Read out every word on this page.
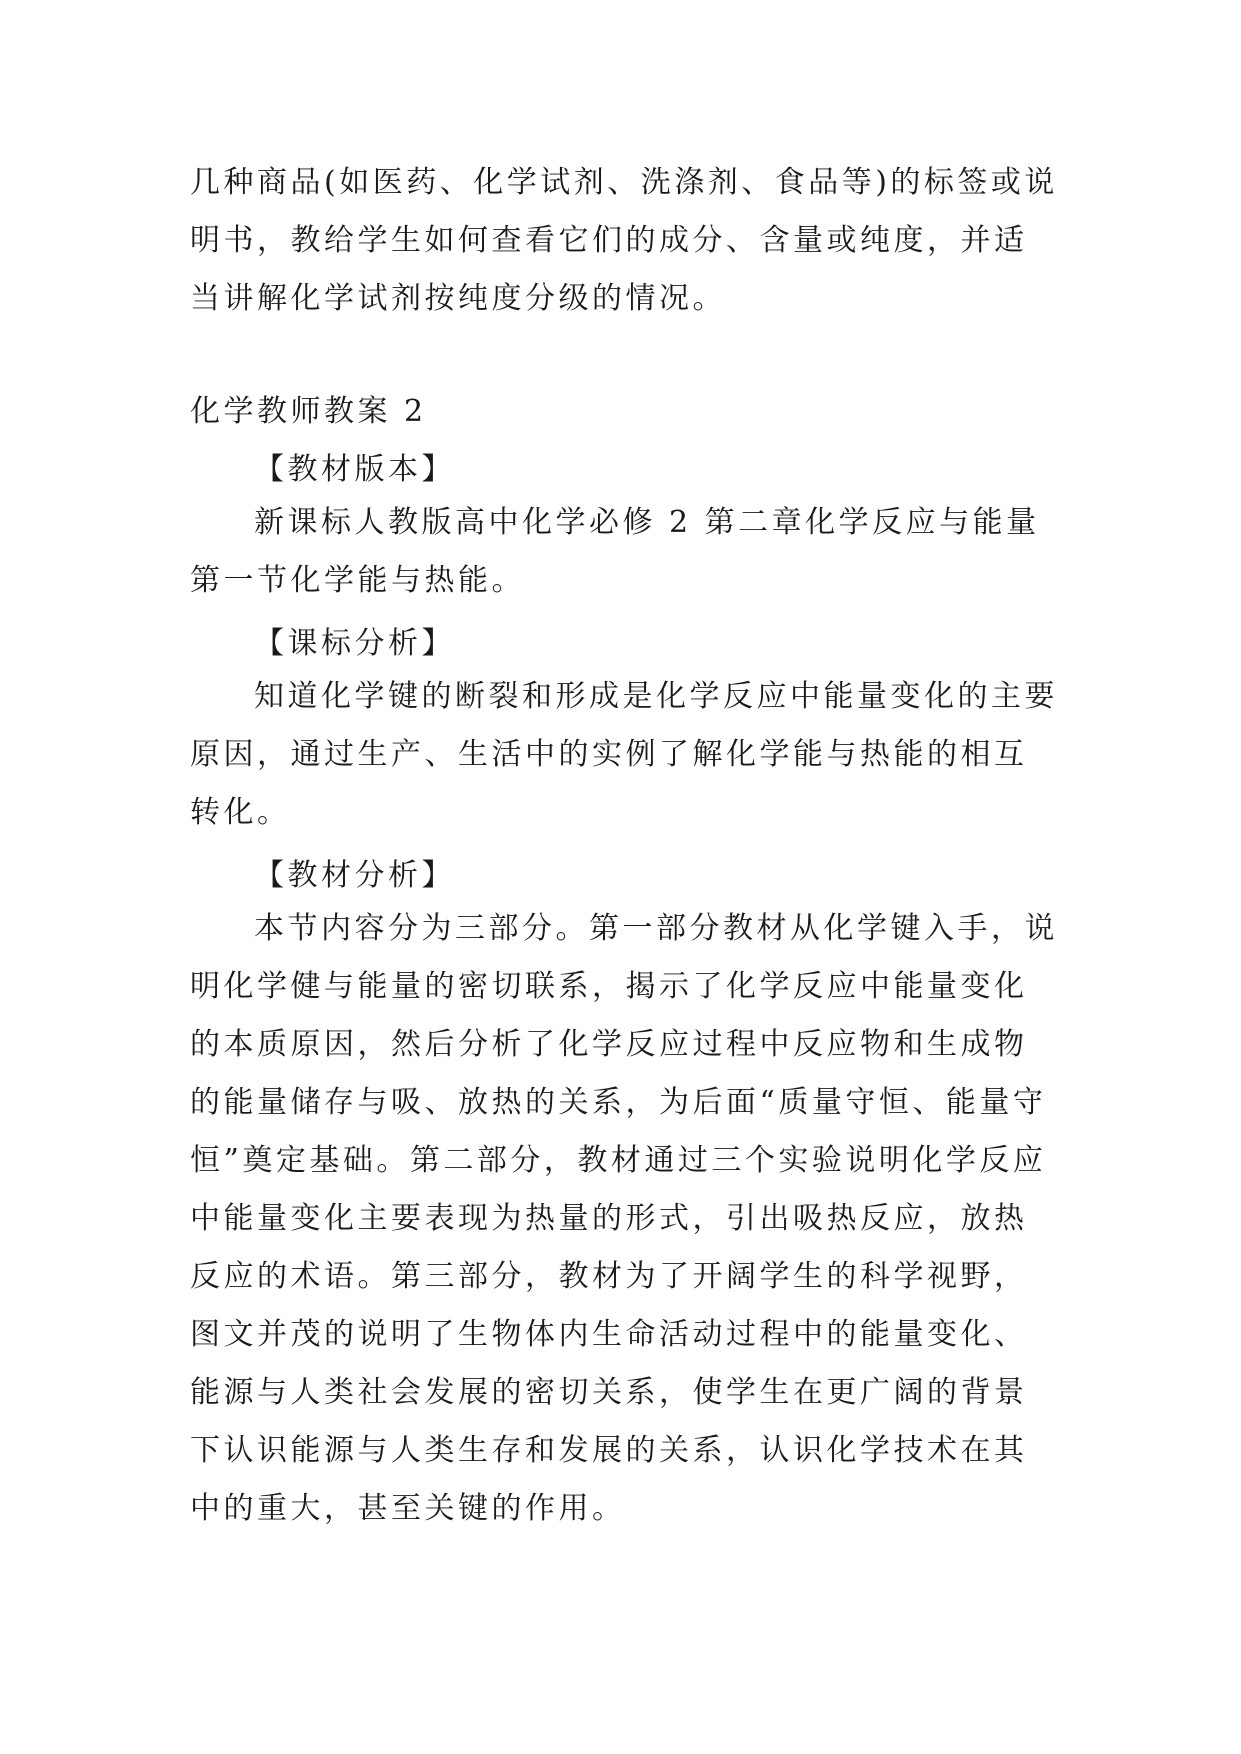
几种商品(如医药、化学试剂、洗涤剂、食品等)的标签或说明书，教给学生如何查看它们的成分、含量或纯度，并适当讲解化学试剂按纯度分级的情况。
化学教师教案 2
【教材版本】
新课标人教版高中化学必修 2 第二章化学反应与能量第一节化学能与热能。
【课标分析】
知道化学键的断裂和形成是化学反应中能量变化的主要原因，通过生产、生活中的实例了解化学能与热能的相互转化。
【教材分析】
本节内容分为三部分。第一部分教材从化学键入手，说明化学健与能量的密切联系，揭示了化学反应中能量变化的本质原因，然后分析了化学反应过程中反应物和生成物的能量储存与吸、放热的关系，为后面“质量守恒、能量守恒”奠定基础。第二部分，教材通过三个实验说明化学反应中能量变化主要表现为热量的形式，引出吸热反应，放热反应的术语。第三部分，教材为了开阔学生的科学视野，图文并茂的说明了生物体内生命活动过程中的能量变化、能源与人类社会发展的密切关系，使学生在更广阔的背景下认识能源与人类生存和发展的关系，认识化学技术在其中的重大，甚至关键的作用。
